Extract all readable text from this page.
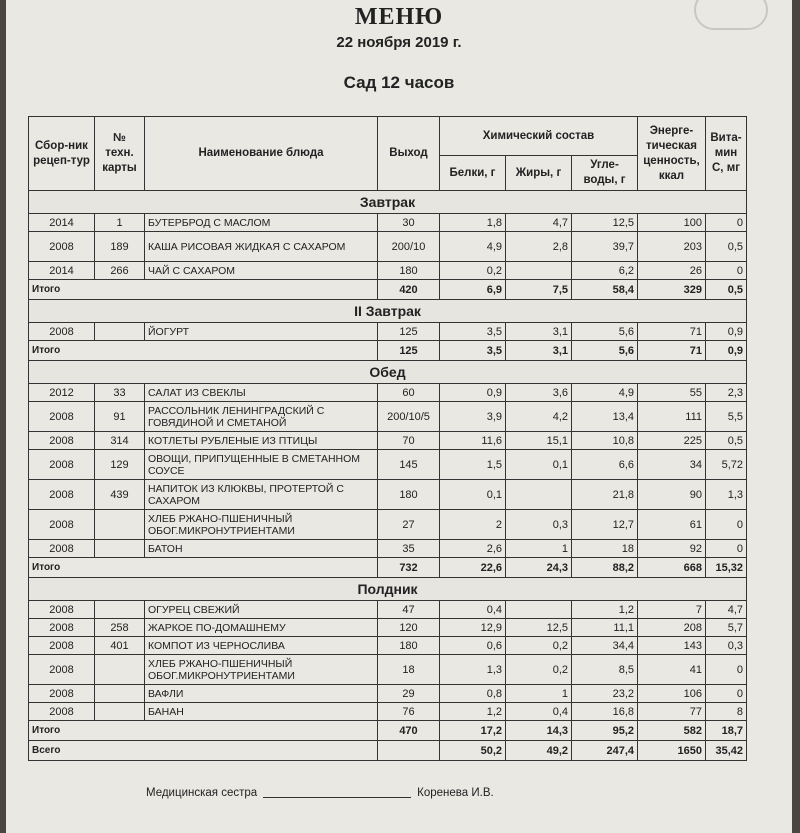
МЕНЮ
22 ноября 2019 г.
Сад 12 часов
Сбор-ник рецеп-тур	№ техн. карты	Наименование блюда	Выход	Химический состав			Энерге-тическая ценность, ккал	Вита-мин С, мг
				Белки, г	Жиры, г	Угле-воды, г		
Завтрак								
2014	1	БУТЕРБРОД С МАСЛОМ	30	1,8	4,7	12,5	100	0
2008	189	КАША РИСОВАЯ ЖИДКАЯ С САХАРОМ	200/10	4,9	2,8	39,7	203	0,5
2014	266	ЧАЙ С САХАРОМ	180	0,2		6,2	26	0
Итого			420	6,9	7,5	58,4	329	0,5
II Завтрак								
2008		ЙОГУРТ	125	3,5	3,1	5,6	71	0,9
Итого			125	3,5	3,1	5,6	71	0,9
Обед								
2012	33	САЛАТ ИЗ СВЕКЛЫ	60	0,9	3,6	4,9	55	2,3
2008	91	РАССОЛЬНИК ЛЕНИНГРАДСКИЙ С ГОВЯДИНОЙ И СМЕТАНОЙ	200/10/5	3,9	4,2	13,4	111	5,5
2008	314	КОТЛЕТЫ РУБЛЕНЫЕ ИЗ ПТИЦЫ	70	11,6	15,1	10,8	225	0,5
2008	129	ОВОЩИ, ПРИПУЩЕННЫЕ В СМЕТАННОМ СОУСЕ	145	1,5	0,1	6,6	34	5,72
2008	439	НАПИТОК ИЗ КЛЮКВЫ, ПРОТЕРТОЙ С САХАРОМ	180	0,1		21,8	90	1,3
2008		ХЛЕБ РЖАНО-ПШЕНИЧНЫЙ ОБОГ.МИКРОНУТРИЕНТАМИ	27	2	0,3	12,7	61	0
2008		БАТОН	35	2,6	1	18	92	0
Итого			732	22,6	24,3	88,2	668	15,32
Полдник								
2008		ОГУРЕЦ СВЕЖИЙ	47	0,4		1,2	7	4,7
2008	258	ЖАРКОЕ ПО-ДОМАШНЕМУ	120	12,9	12,5	11,1	208	5,7
2008	401	КОМПОТ ИЗ ЧЕРНОСЛИВА	180	0,6	0,2	34,4	143	0,3
2008		ХЛЕБ РЖАНО-ПШЕНИЧНЫЙ ОБОГ.МИКРОНУТРИЕНТАМИ	18	1,3	0,2	8,5	41	0
2008		ВАФЛИ	29	0,8	1	23,2	106	0
2008		БАНАН	76	1,2	0,4	16,8	77	8
Итого			470	17,2	14,3	95,2	582	18,7
Всего				50,2	49,2	247,4	1650	35,42
Медицинская сестра	Коренева И.В.
